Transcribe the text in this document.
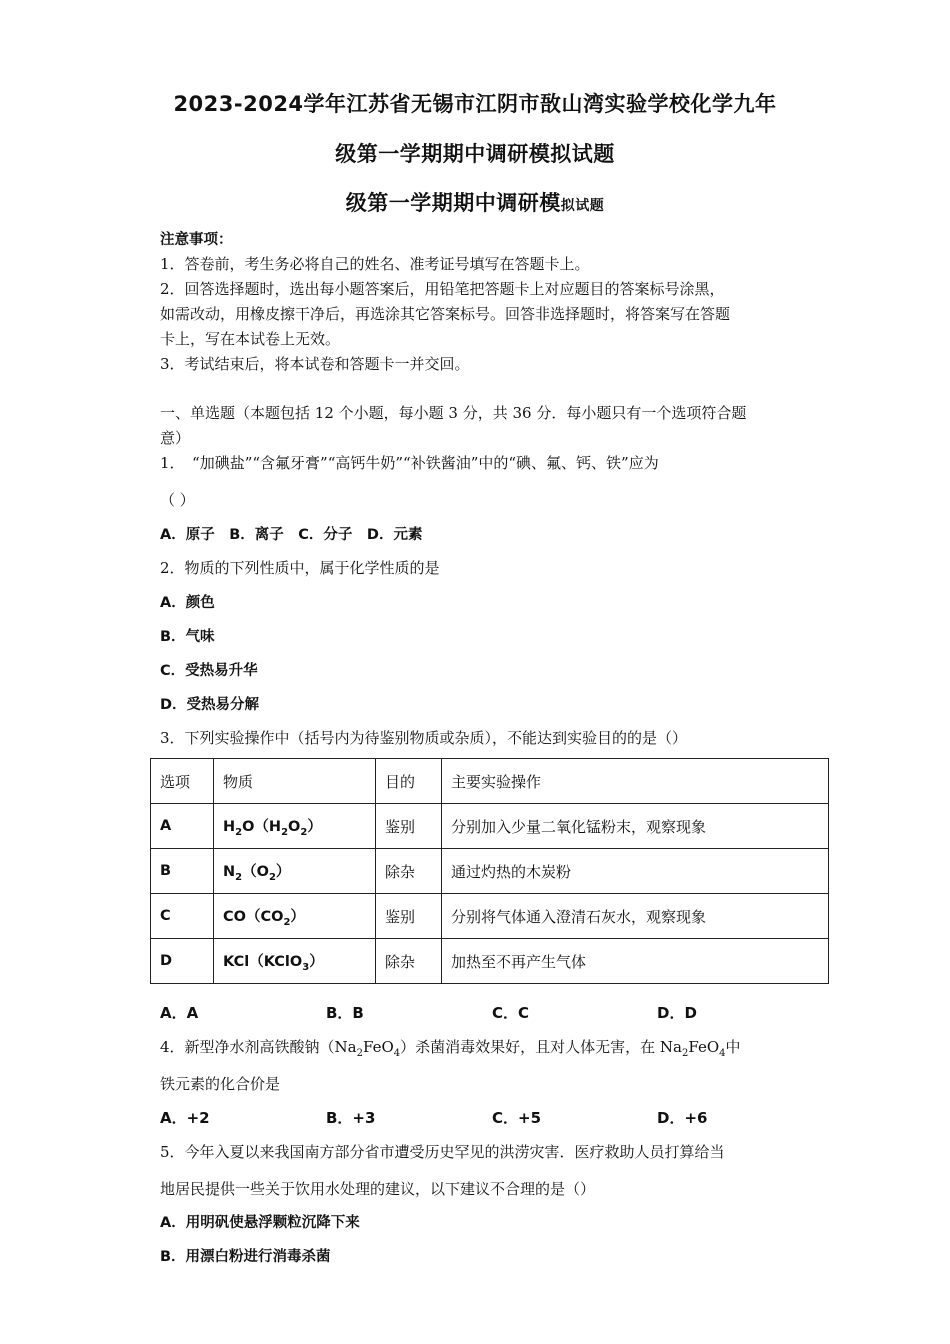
2023-2024学年江苏省无锡市江阴市敔山湾实验学校化学九年
级第一学期期中调研模拟试题
级第一学期期中调研模拟试题
注意事项：
1．答卷前，考生务必将自己的姓名、准考证号填写在答题卡上。
2．回答选择题时，选出每小题答案后，用铅笔把答题卡上对应题目的答案标号涂黑，
如需改动，用橡皮擦干净后，再选涂其它答案标号。回答非选择题时，将答案写在答题
卡上，写在本试卷上无效。
3．考试结束后，将本试卷和答题卡一并交回。
一、单选题（本题包括 12 个小题，每小题 3 分，共 36 分．每小题只有一个选项符合题
意）
1．　“加碘盐”“含氟牙膏”“高钙牛奶”“补铁酱油”中的“碘、氟、钙、铁”应为
（ ）
A．原子　B．离子　C．分子　D．元素
2．物质的下列性质中，属于化学性质的是
A．颜色
B．气味
C．受热易升华
D．受热易分解
3．下列实验操作中（括号内为待鉴别物质或杂质），不能达到实验目的的是（）
选项	物质	目的	主要实验操作
A	$H_2O(H_2O_2)$	鉴别	分别加入少量二氧化锰粉末，观察现象
B	$N_2(O_2)$	除杂	通过灼热的木炭粉
C	$CO(CO_2)$	鉴别	分别将气体通入澄清石灰水，观察现象
D	KCl（KClO$_3$）	除杂	加热至不再产生气体
A．A	B．B	C．C	D．D
4．新型净水剂高铁酸钠$(Na_2FeO_4)$杀菌消毒效果好，且对人体无害，在 $Na_2FeO_4$中
铁元素的化合价是
A．+2	B．+3	C．+5	D．+6
5．今年入夏以来我国南方部分省市遭受历史罕见的洪涝灾害．医疗救助人员打算给当
地居民提供一些关于饮用水处理的建议，以下建议不合理的是（）
A．用明矾使悬浮颗粒沉降下来
B．用漂白粉进行消毒杀菌
